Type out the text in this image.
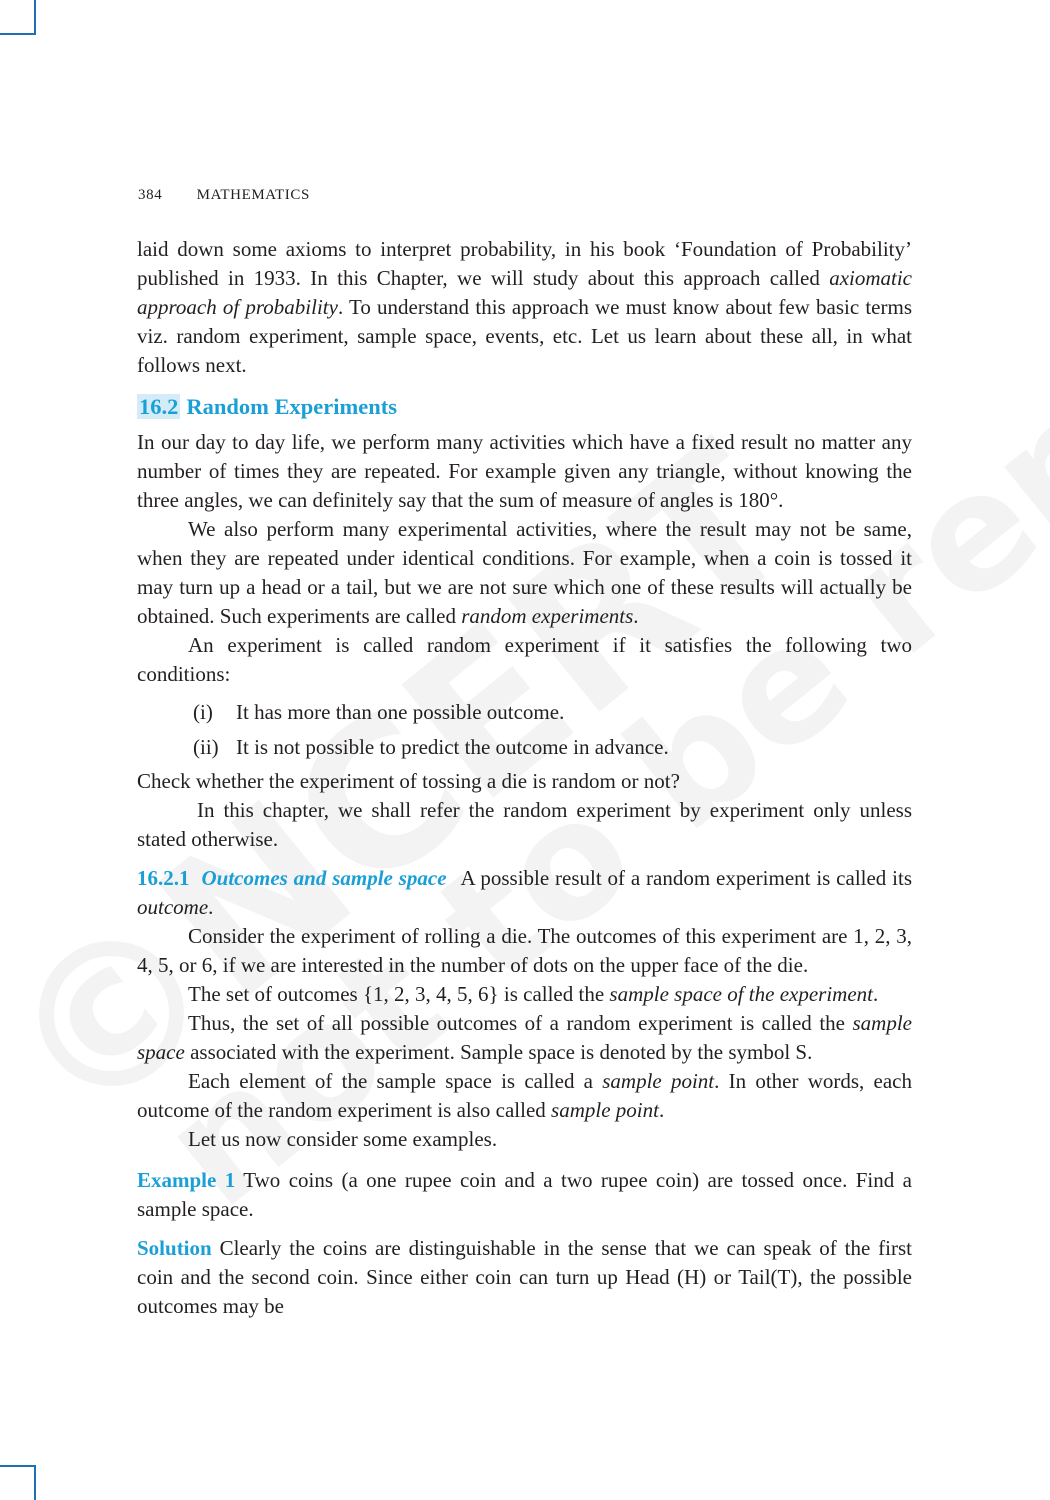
384 MATHEMATICS

laid down some axioms to interpret probability, in his book ‘Foundation of Probability’ published in 1933. In this Chapter, we will study about this approach called axiomatic approach of probability. To understand this approach we must know about few basic terms viz. random experiment, sample space, events, etc. Let us learn about these all, in what follows next.

16.2 Random Experiments

In our day to day life, we perform many activities which have a fixed result no matter any number of times they are repeated. For example given any triangle, without knowing the three angles, we can definitely say that the sum of measure of angles is 180°.

We also perform many experimental activities, where the result may not be same, when they are repeated under identical conditions. For example, when a coin is tossed it may turn up a head or a tail, but we are not sure which one of these results will actually be obtained. Such experiments are called random experiments.

An experiment is called random experiment if it satisfies the following two conditions:

(i) It has more than one possible outcome.
(ii) It is not possible to predict the outcome in advance.

Check whether the experiment of tossing a die is random or not?

In this chapter, we shall refer the random experiment by experiment only unless stated otherwise.

16.2.1 Outcomes and sample space A possible result of a random experiment is called its outcome.

Consider the experiment of rolling a die. The outcomes of this experiment are 1, 2, 3, 4, 5, or 6, if we are interested in the number of dots on the upper face of the die.

The set of outcomes {1, 2, 3, 4, 5, 6} is called the sample space of the experiment.

Thus, the set of all possible outcomes of a random experiment is called the sample space associated with the experiment. Sample space is denoted by the symbol S.

Each element of the sample space is called a sample point. In other words, each outcome of the random experiment is also called sample point.

Let us now consider some examples.

Example 1 Two coins (a one rupee coin and a two rupee coin) are tossed once. Find a sample space.

Solution Clearly the coins are distinguishable in the sense that we can speak of the first coin and the second coin. Since either coin can turn up Head (H) or Tail(T), the possible outcomes may be
